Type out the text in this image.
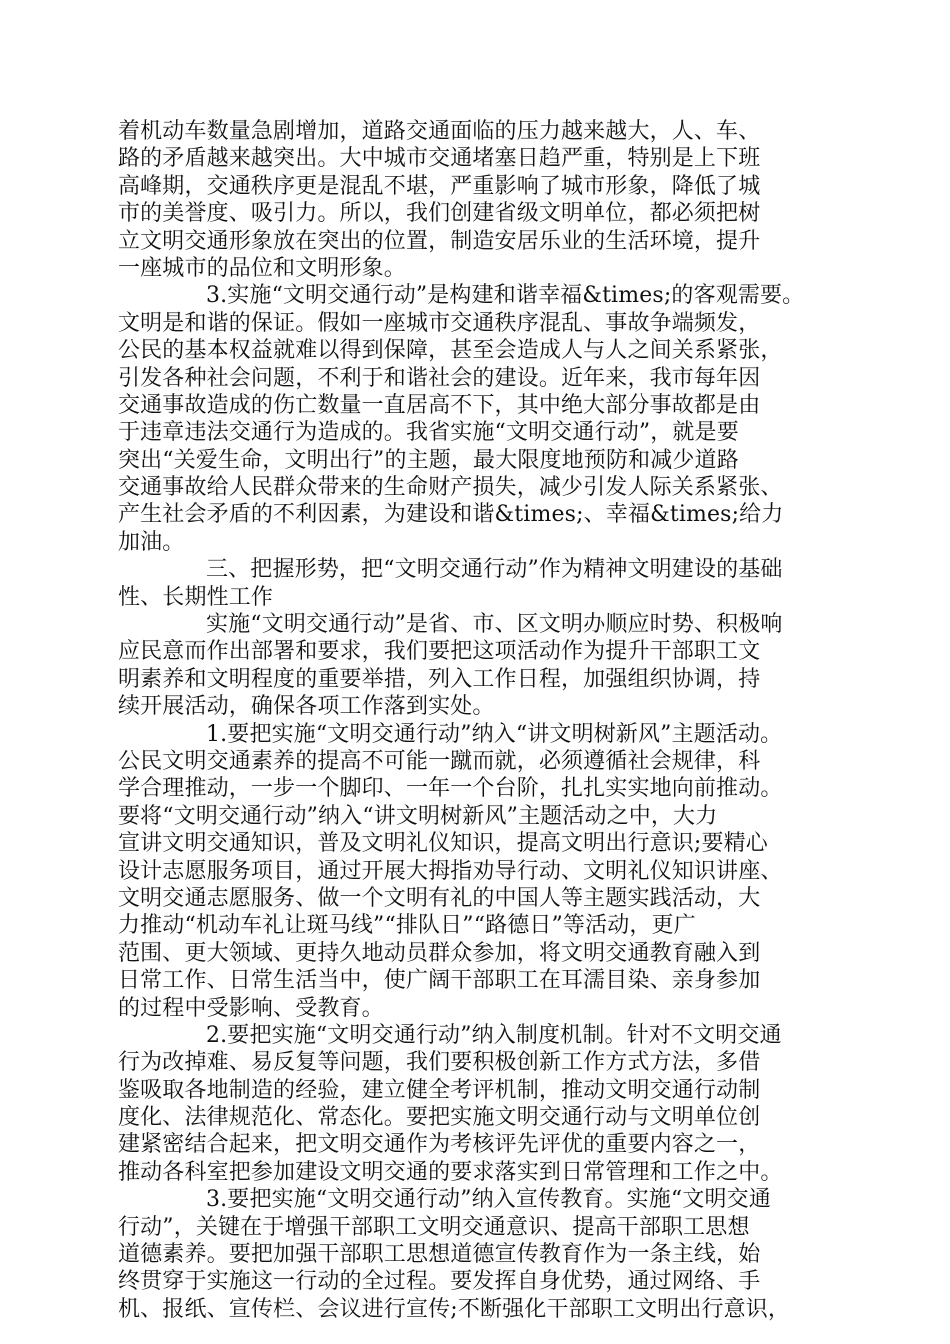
着机动车数量急剧增加，道路交通面临的压力越来越大，人、车、
路的矛盾越来越突出。大中城市交通堵塞日趋严重，特别是上下班
高峰期，交通秩序更是混乱不堪，严重影响了城市形象，降低了城
市的美誉度、吸引力。所以，我们创建省级文明单位，都必须把树
立文明交通形象放在突出的位置，制造安居乐业的生活环境，提升
一座城市的品位和文明形象。
3.实施“文明交通行动”是构建和谐幸福&times;的客观需要。
文明是和谐的保证。假如一座城市交通秩序混乱、事故争端频发，
公民的基本权益就难以得到保障，甚至会造成人与人之间关系紧张，
引发各种社会问题，不利于和谐社会的建设。近年来，我市每年因
交通事故造成的伤亡数量一直居高不下，其中绝大部分事故都是由
于违章违法交通行为造成的。我省实施“文明交通行动”，就是要
突出“关爱生命，文明出行”的主题，最大限度地预防和减少道路
交通事故给人民群众带来的生命财产损失，减少引发人际关系紧张、
产生社会矛盾的不利因素，为建设和谐&times;、幸福&times;给力
加油。
三、把握形势，把“文明交通行动”作为精神文明建设的基础
性、长期性工作
实施“文明交通行动”是省、市、区文明办顺应时势、积极响
应民意而作出部署和要求，我们要把这项活动作为提升干部职工文
明素养和文明程度的重要举措，列入工作日程，加强组织协调，持
续开展活动，确保各项工作落到实处。
1.要把实施“文明交通行动”纳入“讲文明树新风”主题活动。
公民文明交通素养的提高不可能一蹴而就，必须遵循社会规律，科
学合理推动，一步一个脚印、一年一个台阶，扎扎实实地向前推动。
要将“文明交通行动”纳入“讲文明树新风”主题活动之中，大力
宣讲文明交通知识，普及文明礼仪知识，提高文明出行意识;要精心
设计志愿服务项目，通过开展大拇指劝导行动、文明礼仪知识讲座、
文明交通志愿服务、做一个文明有礼的中国人等主题实践活动，大
力推动“机动车礼让斑马线”“排队日”“路德日”等活动，更广
范围、更大领域、更持久地动员群众参加，将文明交通教育融入到
日常工作、日常生活当中，使广阔干部职工在耳濡目染、亲身参加
的过程中受影响、受教育。
2.要把实施“文明交通行动”纳入制度机制。针对不文明交通
行为改掉难、易反复等问题，我们要积极创新工作方式方法，多借
鉴吸取各地制造的经验，建立健全考评机制，推动文明交通行动制
度化、法律规范化、常态化。要把实施文明交通行动与文明单位创
建紧密结合起来，把文明交通作为考核评先评优的重要内容之一，
推动各科室把参加建设文明交通的要求落实到日常管理和工作之中。
3.要把实施“文明交通行动”纳入宣传教育。实施“文明交通
行动”，关键在于增强干部职工文明交通意识、提高干部职工思想
道德素养。要把加强干部职工思想道德宣传教育作为一条主线，始
终贯穿于实施这一行动的全过程。要发挥自身优势，通过网络、手
机、报纸、宣传栏、会议进行宣传;不断强化干部职工文明出行意识，
